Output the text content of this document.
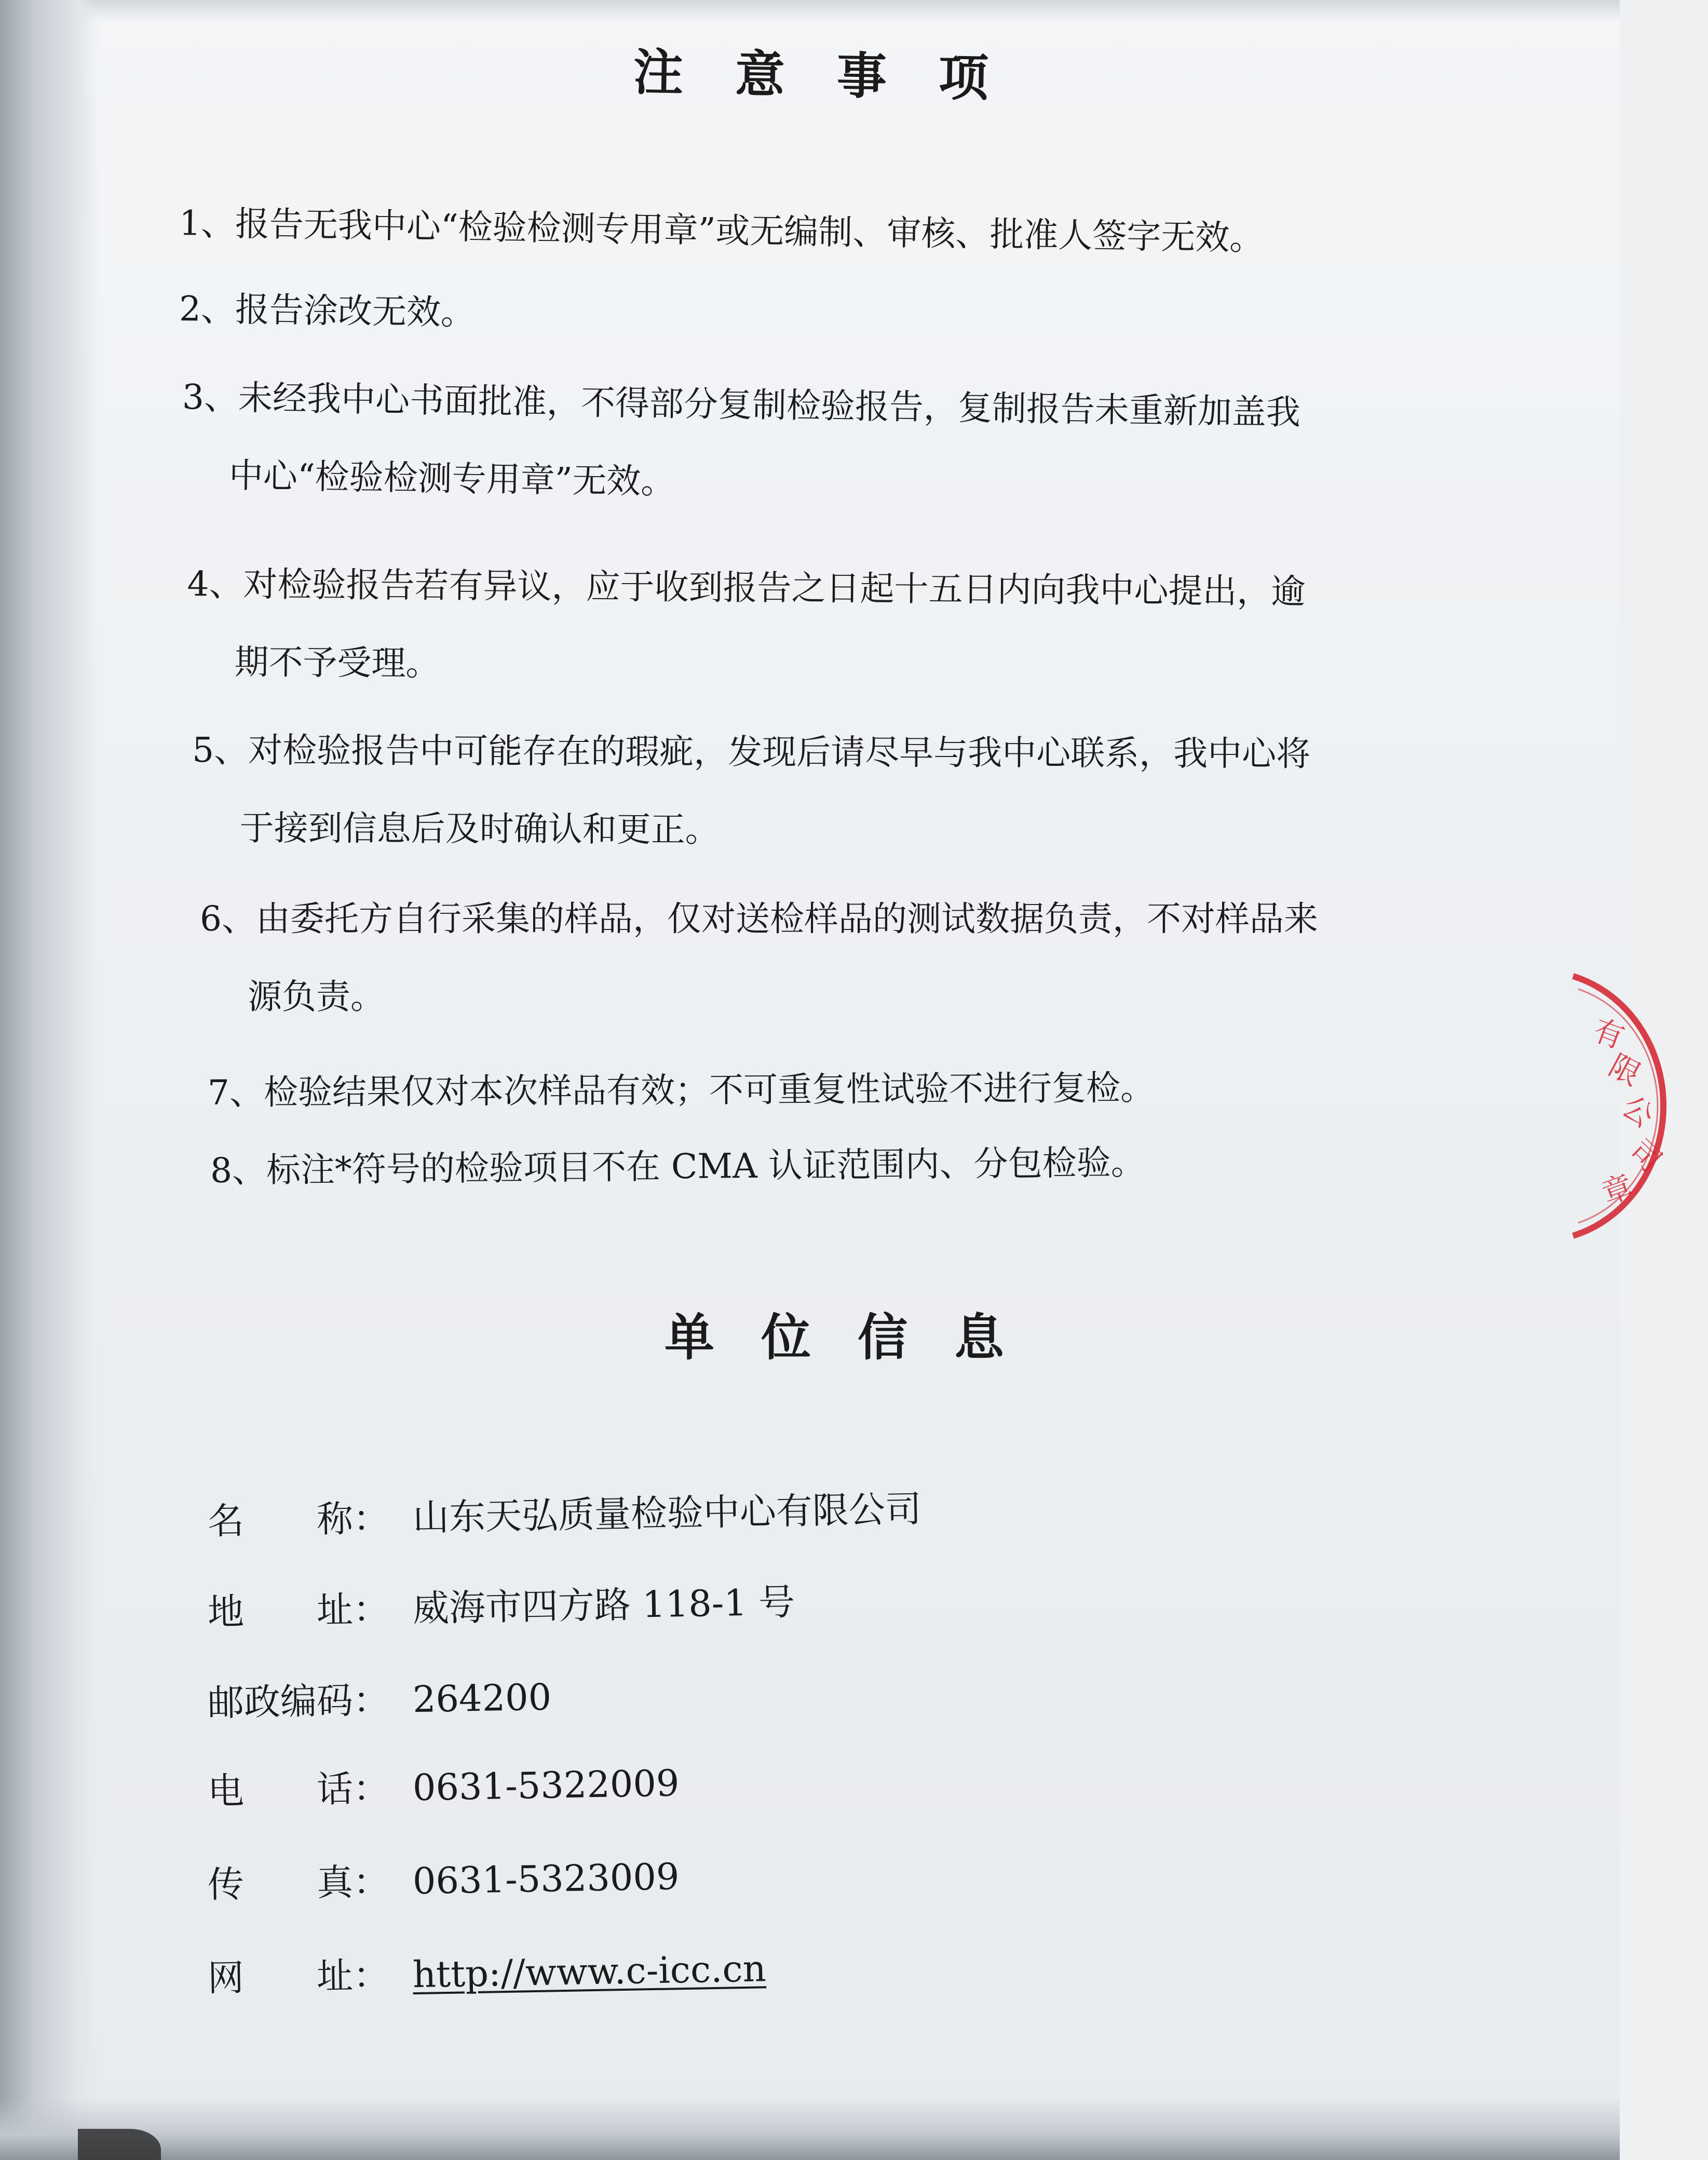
注 意 事 项
1、报告无我中心“检验检测专用章”或无编制、审核、批准人签字无效。
2、报告涂改无效。
3、未经我中心书面批准，不得部分复制检验报告，复制报告未重新加盖我
中心“检验检测专用章”无效。
4、对检验报告若有异议，应于收到报告之日起十五日内向我中心提出，逾
期不予受理。
5、对检验报告中可能存在的瑕疵，发现后请尽早与我中心联系，我中心将
于接到信息后及时确认和更正。
6、由委托方自行采集的样品，仅对送检样品的测试数据负责，不对样品来
源负责。
7、检验结果仅对本次样品有效；不可重复性试验不进行复检。
8、标注*符号的检验项目不在 CMA 认证范围内、分包检验。
单 位 信 息
名　　称： 山东天弘质量检验中心有限公司
地　　址： 威海市四方路 118-1 号
邮政编码： 264200
电　　话： 0631-5322009
传　　真： 0631-5323009
网　　址： http://www.c-icc.cn
有
限
公
司
章
